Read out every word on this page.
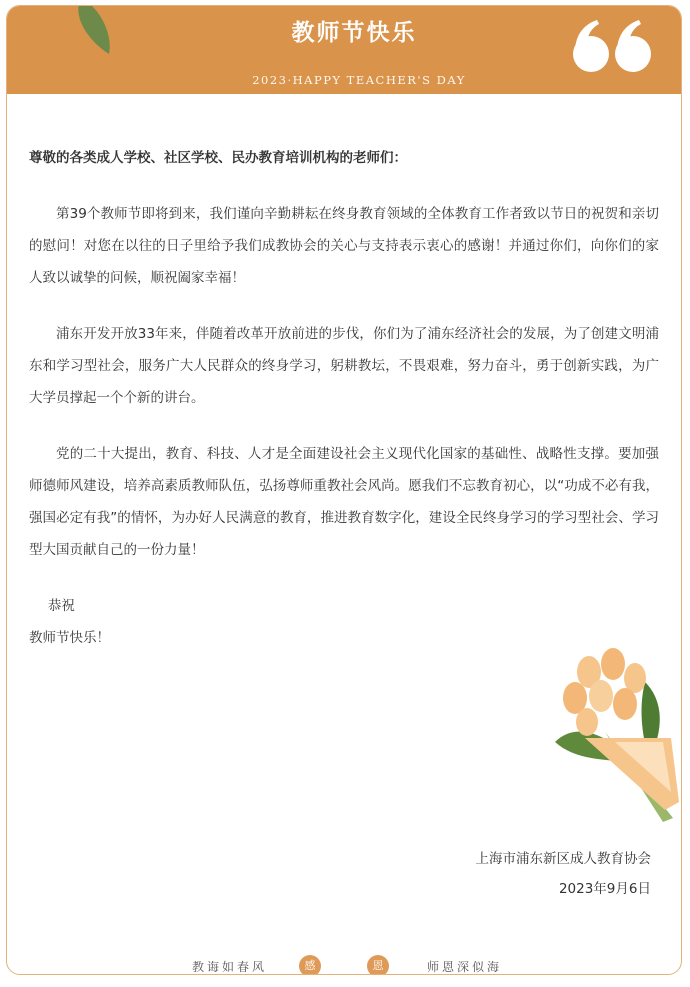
教师节快乐
2023·HAPPY TEACHER'S DAY

尊敬的各类成人学校、社区学校、民办教育培训机构的老师们：

第39个教师节即将到来，我们谨向辛勤耕耘在终身教育领域的全体教育工作者致以节日的祝贺和亲切的慰问！对您在以往的日子里给予我们成教协会的关心与支持表示衷心的感谢！并通过你们，向你们的家人致以诚挚的问候，顺祝阖家幸福！

浦东开发开放33年来，伴随着改革开放前进的步伐，你们为了浦东经济社会的发展，为了创建文明浦东和学习型社会，服务广大人民群众的终身学习，躬耕教坛，不畏艰难，努力奋斗，勇于创新实践，为广大学员撑起一个个新的讲台。

党的二十大提出，教育、科技、人才是全面建设社会主义现代化国家的基础性、战略性支撑。要加强师德师风建设，培养高素质教师队伍，弘扬尊师重教社会风尚。愿我们不忘教育初心，以“功成不必有我，强国必定有我”的情怀，为办好人民满意的教育，推进教育数字化，建设全民终身学习的学习型社会、学习型大国贡献自己的一份力量！

恭祝

教师节快乐！

上海市浦东新区成人教育协会
2023年9月6日
教诲如春风	感	恩	师恩深似海
